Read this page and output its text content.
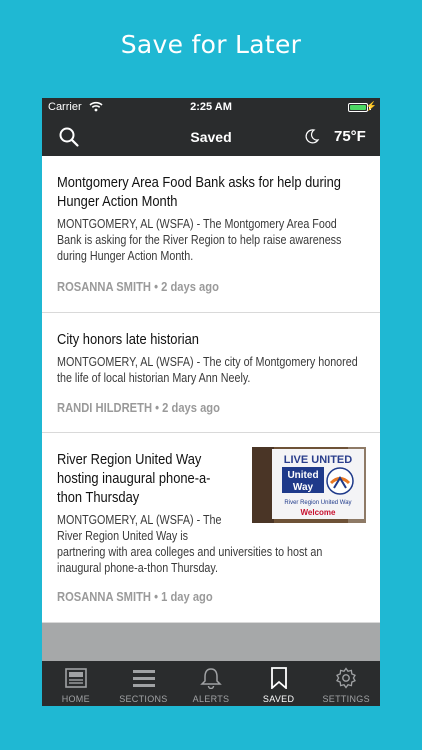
Save for Later
Carrier	2:25 AM	⚡
Saved	75°F
Montgomery Area Food Bank asks for help during Hunger Action Month
MONTGOMERY, AL (WSFA) - The Montgomery Area Food Bank is asking for the River Region to help raise awareness during Hunger Action Month.
ROSANNA SMITH • 2 days ago
City honors late historian
MONTGOMERY, AL (WSFA) - The city of Montgomery honored the life of local historian Mary Ann Neely.
RANDI HILDRETH • 2 days ago
River Region United Way
hosting inaugural phone-a-
thon Thursday
MONTGOMERY, AL (WSFA) - The
River Region United Way is
partnering with area colleges and universities to host an inaugural phone-a-thon Thursday.
ROSANNA SMITH • 1 day ago
LIVE UNITED
United
Way
River Region United Way
Welcome
HOME	SECTIONS	ALERTS	SAVED	SETTINGS
